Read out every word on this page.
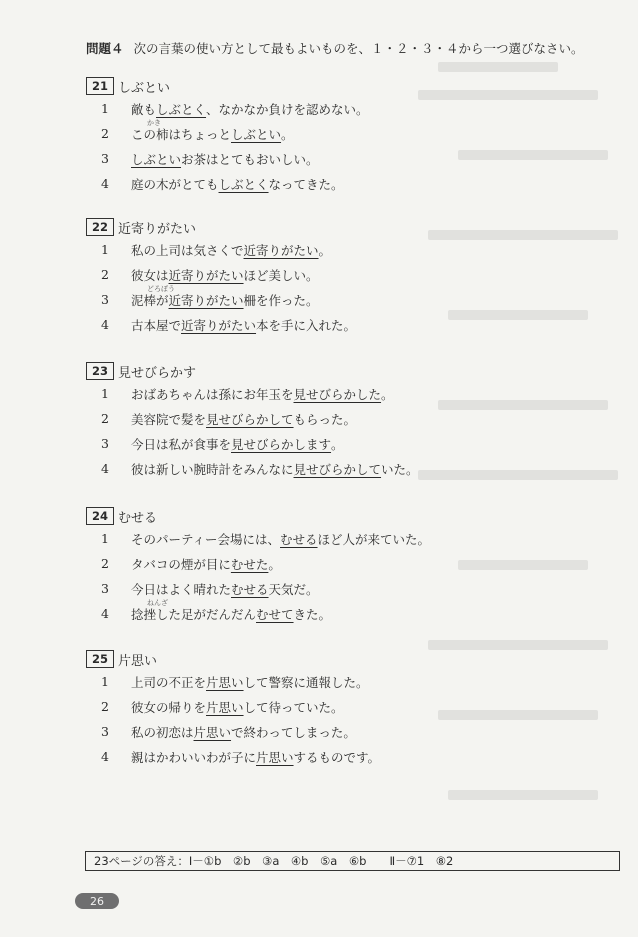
問題４ 次の言葉の使い方として最もよいものを、１・２・３・４から一つ選びなさい。
21 しぶとい
1	敵も しぶとく 、なかなか負けを認めない。
2	この柿はちょっと しぶとい 。
かき
3	しぶとい お茶はとてもおいしい。
4	庭の木がとても しぶとく なってきた。
22 近寄りがたい
1	私の上司は気さくで 近寄りがたい 。
2	彼女は 近寄りがたい ほど美しい。
3	泥棒が 近寄りがたい 柵を作った。
どろぼう
4	古本屋で 近寄りがたい 本を手に入れた。
23 見せびらかす
1	おばあちゃんは孫にお年玉を 見せびらかした 。
2	美容院で髪を 見せびらかして もらった。
3	今日は私が食事を 見せびらかします 。
4	彼は新しい腕時計をみんなに 見せびらかして いた。
24 むせる
1	そのパーティー会場には、 むせる ほど人が来ていた。
2	タバコの煙が目に むせた 。
3	今日はよく晴れた むせる 天気だ。
4	捻挫した足がだんだん むせて きた。
ねんざ
25 片思い
1	上司の不正を 片思い して警察に通報した。
2	彼女の帰りを 片思い して待っていた。
3	私の初恋は 片思い で終わってしまった。
4	親はかわいいわが子に 片思い するものです。
23ページの答え：Ⅰ－①b　②b　③a　④b　⑤a　⑥b　　Ⅱ－⑦1　⑧2
26
